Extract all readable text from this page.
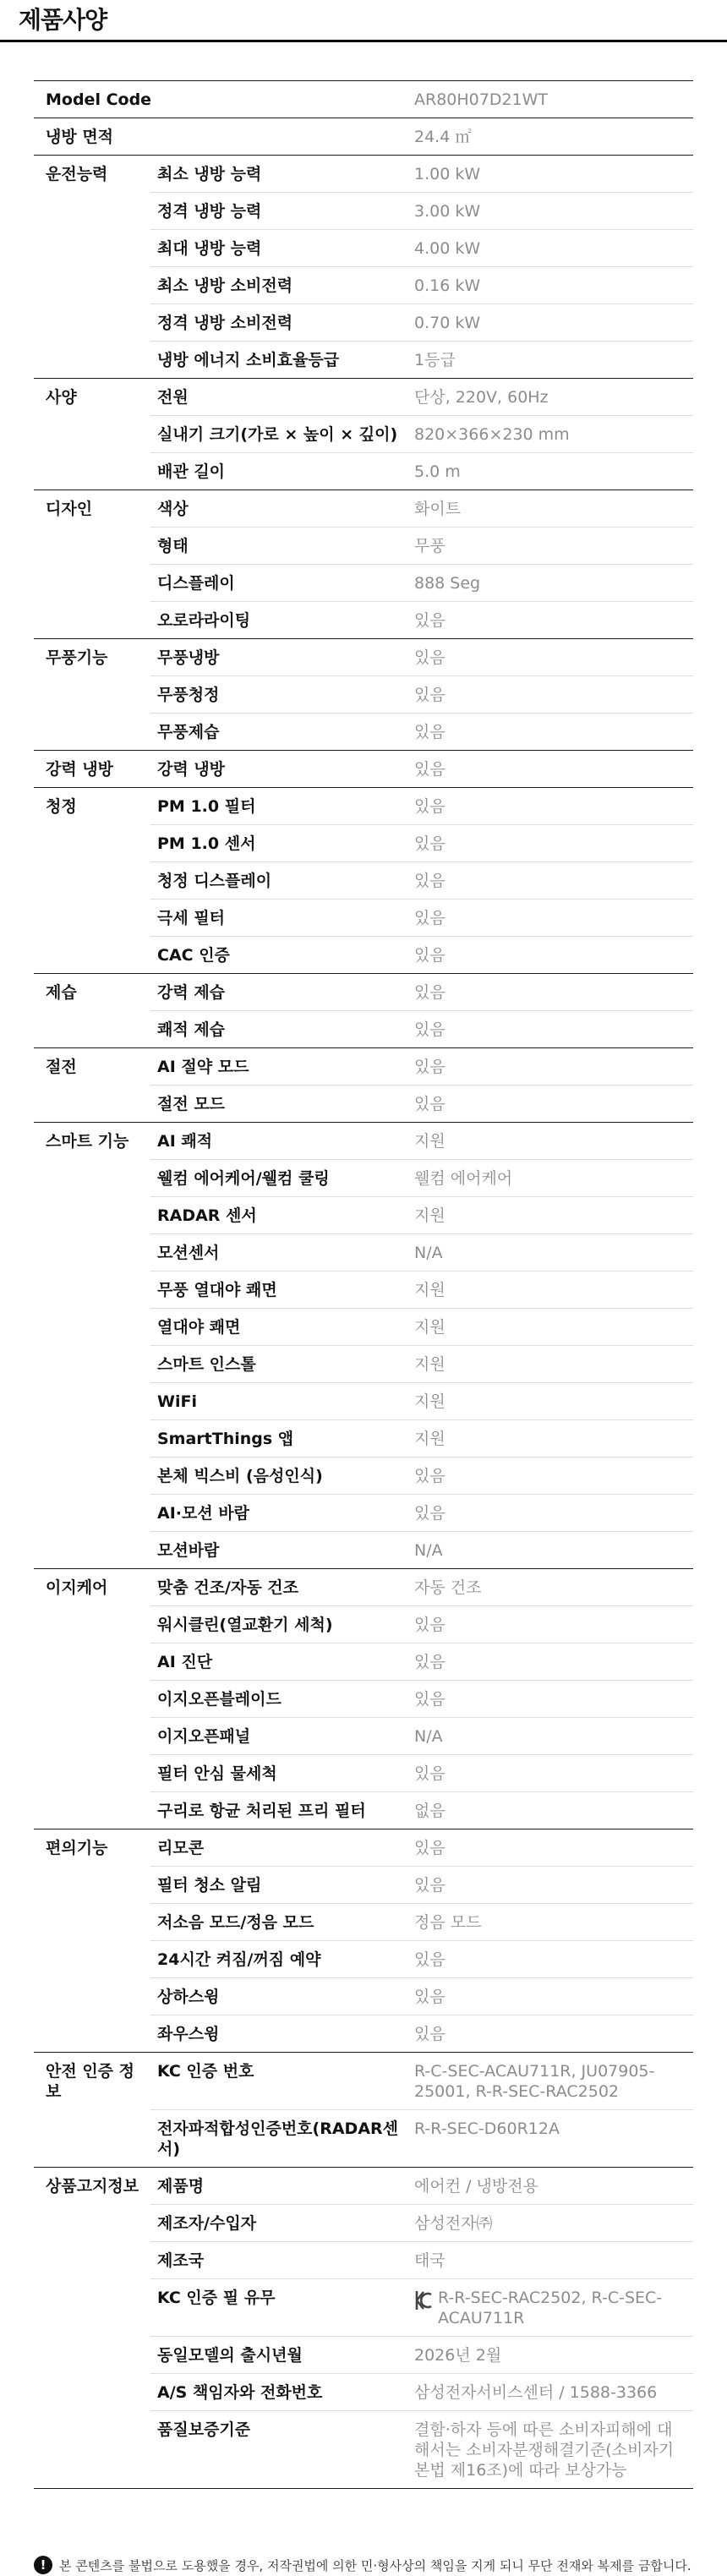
제품사양
Model Code		AR80H07D21WT
냉방 면적		24.4 ㎡
운전능력	최소 냉방 능력	1.00 kW
	정격 냉방 능력	3.00 kW
	최대 냉방 능력	4.00 kW
	최소 냉방 소비전력	0.16 kW
	정격 냉방 소비전력	0.70 kW
	냉방 에너지 소비효율등급	1등급
사양	전원	단상, 220V, 60Hz
	실내기 크기(가로 × 높이 × 깊이)	820×366×230 mm
	배관 길이	5.0 m
디자인	색상	화이트
	형태	무풍
	디스플레이	888 Seg
	오로라라이팅	있음
무풍기능	무풍냉방	있음
	무풍청정	있음
	무풍제습	있음
강력 냉방	강력 냉방	있음
청정	PM 1.0 필터	있음
	PM 1.0 센서	있음
	청정 디스플레이	있음
	극세 필터	있음
	CAC 인증	있음
제습	강력 제습	있음
	쾌적 제습	있음
절전	AI 절약 모드	있음
	절전 모드	있음
스마트 기능	AI 쾌적	지원
	웰컴 에어케어/웰컴 쿨링	웰컴 에어케어
	RADAR 센서	지원
	모션센서	N/A
	무풍 열대야 쾌면	지원
	열대야 쾌면	지원
	스마트 인스톨	지원
	WiFi	지원
	SmartThings 앱	지원
	본체 빅스비 (음성인식)	있음
	AI·모션 바람	있음
	모션바람	N/A
이지케어	맞춤 건조/자동 건조	자동 건조
	워시클린(열교환기 세척)	있음
	AI 진단	있음
	이지오픈블레이드	있음
	이지오픈패널	N/A
	필터 안심 물세척	있음
	구리로 항균 처리된 프리 필터	없음
편의기능	리모콘	있음
	필터 청소 알림	있음
	저소음 모드/정음 모드	정음 모드
	24시간 켜짐/꺼짐 예약	있음
	상하스윙	있음
	좌우스윙	있음
안전 인증 정보	KC 인증 번호	R-C-SEC-ACAU711R, JU07905-25001, R-R-SEC-RAC2502
	전자파적합성인증번호(RADAR센서)	R-R-SEC-D60R12A
상품고지정보	제품명	에어컨 / 냉방전용
	제조자/수입자	삼성전자㈜
	제조국	태국
	KC 인증 필 유무	R-R-SEC-RAC2502, R-C-SEC-ACAU711R

	동일모델의 출시년월	2026년 2월
	A/S 책임자와 전화번호	삼성전자서비스센터 / 1588-3366
	품질보증기준	결함·하자 등에 따른 소비자피해에 대해서는 소비자분쟁해결기준(소비자기본법 제16조)에 따라 보상가능
!	본 콘텐츠를 불법으로 도용했을 경우, 저작권법에 의한 민·형사상의 책임을 지게 되니 무단 전재와 복제를 금합니다.
